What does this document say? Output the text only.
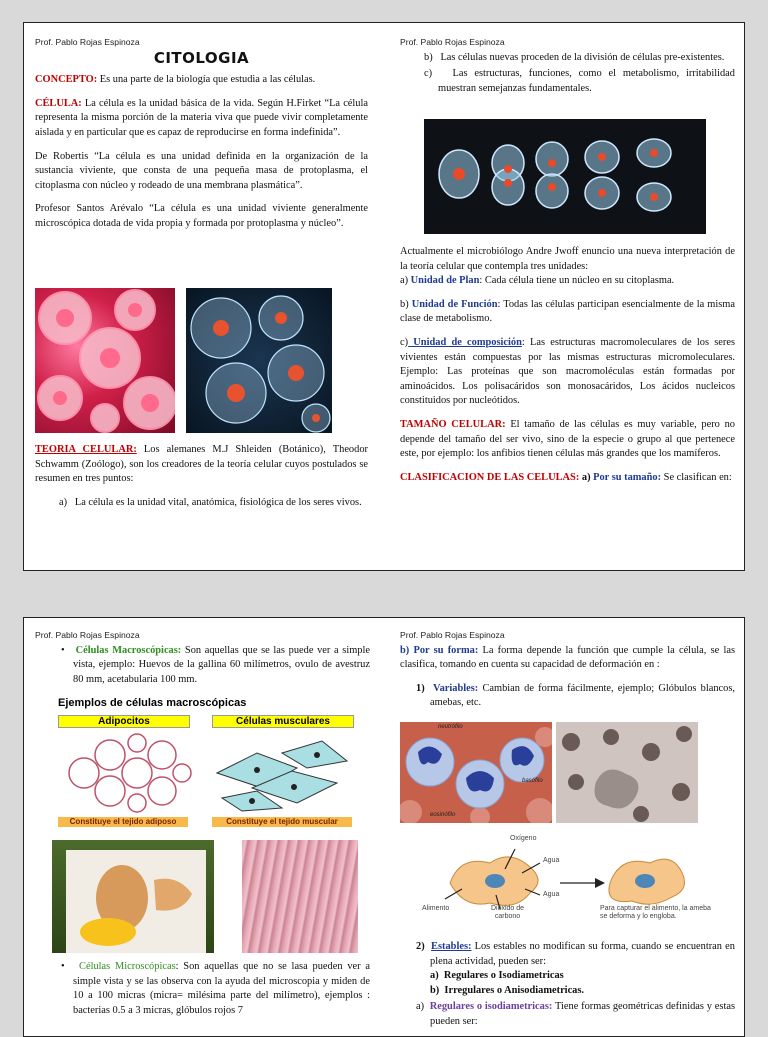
Prof. Pablo Rojas Espinoza
CITOLOGIA

CONCEPTO: Es una parte de la biología que estudia a las células.

CÉLULA: La célula es la unidad básica de la vida. Según H.Firket “La célula representa la misma porción de la materia viva que puede vivir completamente aislada y en particular que es capaz de reproducirse en forma indefinida”.

De Robertis “La célula es una unidad definida en la organización de la sustancia viviente, que consta de una pequeña masa de protoplasma, el citoplasma con núcleo y rodeado de una membrana plasmática”.

Profesor Santos Arévalo “La célula es una unidad viviente generalmente microscópica dotada de vida propia y formada por protoplasma y núcleo”.

TEORIA CELULAR: Los alemanes M.J Shleiden (Botánico), Theodor Schwamm (Zoólogo), son los creadores de la teoría celular cuyos postulados se resumen en tres puntos:

a)   La célula es la unidad vital, anatómica, fisiológica de los seres vivos.

Prof. Pablo Rojas Espinoza

b)   Las células nuevas proceden de la división de células pre-existentes.

c)   Las estructuras, funciones, como el metabolismo, irritabilidad muestran semejanzas fundamentales.

Actualmente el microbiólogo Andre Jwoff enuncio una nueva interpretación de la teoría celular que contempla tres unidades:

a) Unidad de Plan: Cada célula tiene un núcleo en su citoplasma.

b) Unidad de Función: Todas las células participan esencialmente de la misma clase de metabolismo.

c) Unidad de composición: Las estructuras macromoleculares de los seres vivientes están compuestas por las mismas estructuras micromoleculares. Ejemplo: Las proteínas que son macromoléculas están formadas por aminoácidos. Los polisacáridos son monosacáridos, Los ácidos nucleicos constituidos por nucleótidos.

TAMAÑO CELULAR: El tamaño de las células es muy variable, pero no depende del tamaño del ser vivo, sino de la especie o grupo al que pertenece este, por ejemplo: los anfibios tienen células más grandes que los mamíferos.

CLASIFICACION DE LAS CELULAS: a) Por su tamaño: Se clasifican en:

Prof. Pablo Rojas Espinoza

•   Células Macroscópicas: Son aquellas que se las puede ver a simple vista, ejemplo: Huevos de la gallina 60 milímetros, ovulo de avestruz 80 mm, acetabularia 100 mm.

Ejemplos de células macroscópicas
Adipocitos	Células musculares
Constituye el tejido adiposo	Constituye el tejido muscular

•   Células Microscópicas: Son aquellas que no se lasa pueden ver a simple vista y se las observa con la ayuda del microscopia y miden de 10 a 100 micras (micra= milésima parte del milímetro), ejemplos : bacterias 0.5 a 3 micras, glóbulos rojos 7

Prof. Pablo Rojas Espinoza

b) Por su forma: La forma depende la función que cumple la célula, se las clasifica, tomando en cuenta su capacidad de deformación en :

1) Variables: Cambian de forma fácilmente, ejemplo; Glóbulos blancos, amebas, etc.

neutrófilo
basófilo
eosinófilo
Oxígeno
Agua
Agua
Alimento	Dióxido de carbono
Para capturar el alimento, la ameba se deforma y lo engloba.

2) Estables: Los estables no modifican su forma, cuando se encuentran en plena actividad, pueden ser:

a)  Regulares o Isodiametricas
b)  Irregulares o Anisodiametricas.

a)  Regulares o isodiametricas: Tiene formas geométricas definidas y estas pueden ser:
